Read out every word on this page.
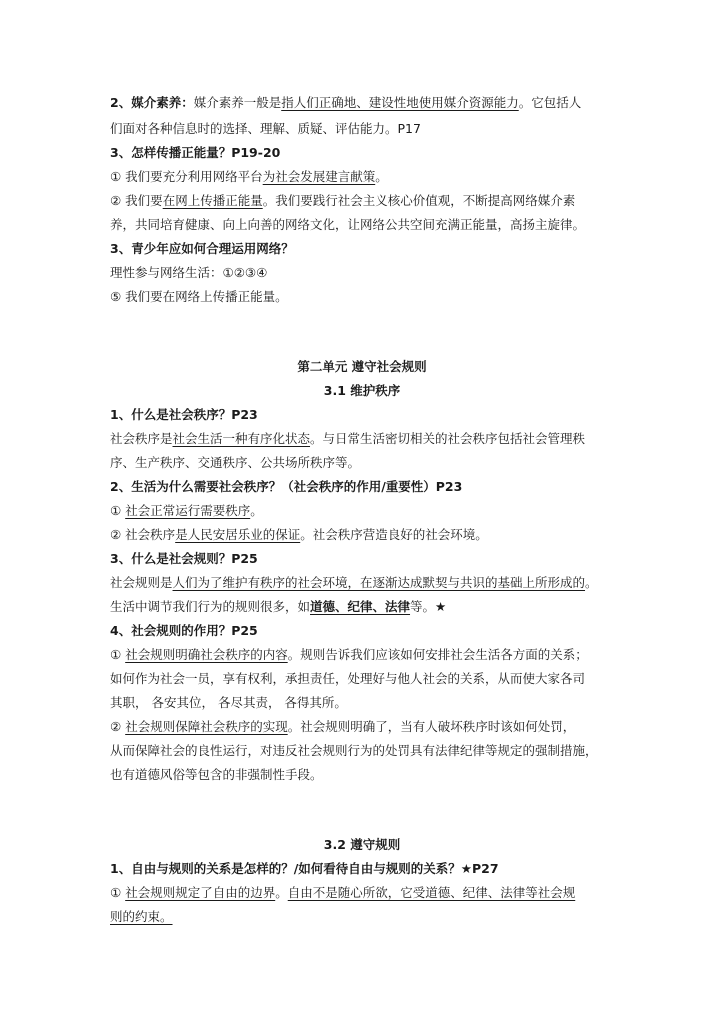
2、媒介素养：媒介素养一般是指人们正确地、建设性地使用媒介资源能力。它包括人
们面对各种信息时的选择、理解、质疑、评估能力。P17
3、怎样传播正能量？P19-20
① 我们要充分利用网络平台为社会发展建言献策。
② 我们要在网上传播正能量。我们要践行社会主义核心价值观，不断提高网络媒介素
养，共同培育健康、向上向善的网络文化，让网络公共空间充满正能量，高扬主旋律。
3、青少年应如何合理运用网络？
理性参与网络生活：①②③④
⑤ 我们要在网络上传播正能量。
第二单元 遵守社会规则
3.1 维护秩序
1、什么是社会秩序？P23
社会秩序是社会生活一种有序化状态。与日常生活密切相关的社会秩序包括社会管理秩
序、生产秩序、交通秩序、公共场所秩序等。
2、生活为什么需要社会秩序？（社会秩序的作用/重要性）P23
① 社会正常运行需要秩序。
② 社会秩序是人民安居乐业的保证。社会秩序营造良好的社会环境。
3、什么是社会规则？P25
社会规则是人们为了维护有秩序的社会环境，在逐渐达成默契与共识的基础上所形成的。
生活中调节我们行为的规则很多，如道德、纪律、法律等。★
4、社会规则的作用？P25
① 社会规则明确社会秩序的内容。规则告诉我们应该如何安排社会生活各方面的关系；
如何作为社会一员，享有权利，承担责任，处理好与他人社会的关系，从而使大家各司
其职， 各安其位， 各尽其责， 各得其所。
② 社会规则保障社会秩序的实现。社会规则明确了，当有人破坏秩序时该如何处罚，
从而保障社会的良性运行，对违反社会规则行为的处罚具有法律纪律等规定的强制措施，
也有道德风俗等包含的非强制性手段。
3.2 遵守规则
1、自由与规则的关系是怎样的？/如何看待自由与规则的关系？★P27
① 社会规则规定了自由的边界。自由不是随心所欲，它受道德、纪律、法律等社会规
则的约束。
